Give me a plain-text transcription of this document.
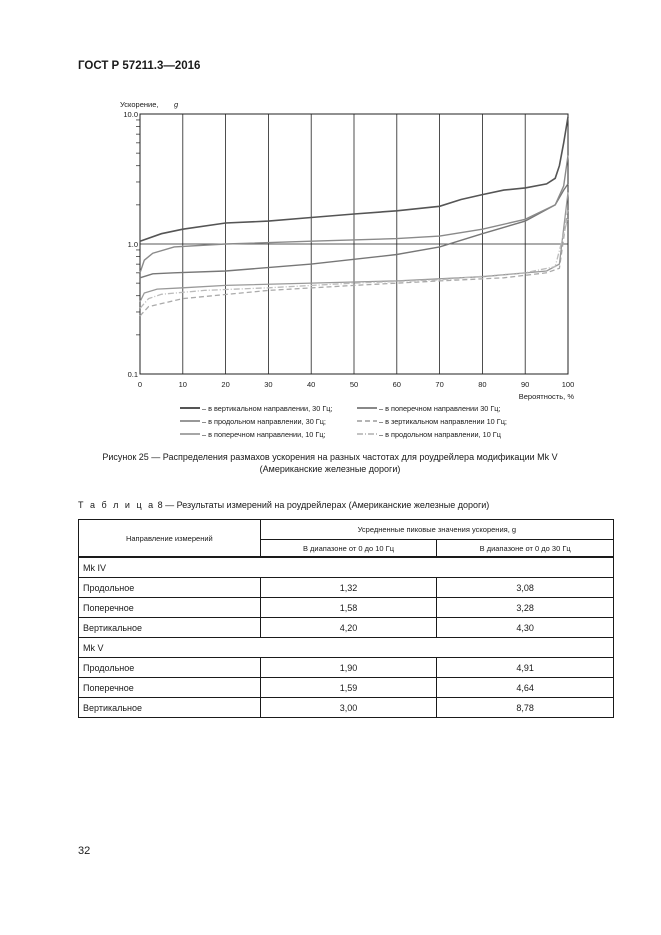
ГОСТ Р 57211.3—2016
0	10	20	30	40	50	60	70	80	90	100
10.0
1.0
0.1
Ускорение, g
Вероятность, %
– в вертикальном направлении, 30 Гц;	– в поперечном направлении 30 Гц;
– в продольном направлении, 30 Гц;	– в зертикальном направлении 10 Гц;
– в поперечном направлении, 10 Гц;	– в продольном направлении, 10 Гц
Рисунок 25 — Распределения размахов ускорения на разных частотах для роудрейлера модификации Mk V
(Американские железные дороги)
Т а б л и ц а 8 — Результаты измерений на роудрейлерах (Американские железные дороги)
Направление измерений	Усредненные пиковые значения ускорения, g	
	В диапазоне от 0 до 10 Гц	В диапазоне от 0 до 30 Гц
Mk IV		
Продольное	1,32	3,08
Поперечное	1,58	3,28
Вертикальное	4,20	4,30
Mk V		
Продольное	1,90	4,91
Поперечное	1,59	4,64
Вертикальное	3,00	8,78
32
